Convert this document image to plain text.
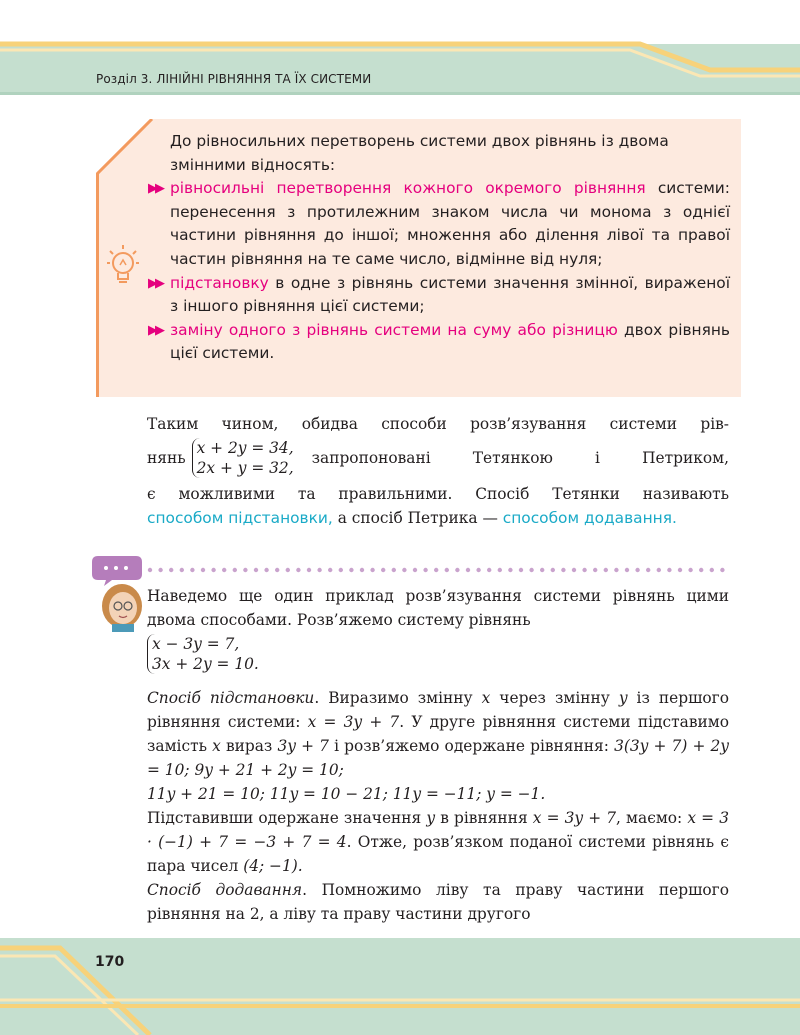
Розділ 3. ЛІНІЙНІ РІВНЯННЯ ТА ЇХ СИСТЕМИ

До рівносильних перетворень системи двох рівнянь із двома
змінними відносять:

▶▶ рівносильні перетворення кожного окремого рівняння системи: перенесення з протилежним знаком числа чи монома з однієї частини рівняння до іншої; множення або ділення лівої та правої частин рівняння на те саме число, відмінне від нуля;

▶▶ підстановку в одне з рівнянь системи значення змінної, вираженої з іншого рівняння цієї системи;

▶▶ заміну одного з рівнянь системи на суму або різницю двох рівнянь цієї системи.

Таким чином, обидва способи розв’язування системи рів-

нянь
x + 2y = 34,
2x + y = 32,
запропоновані Тетянкою і Петриком,

є можливими та правильними. Спосіб Тетянки називають

способом підстановки, а спосіб Петрика — способом додавання.

Наведемо ще один приклад розв’язування системи рівнянь цими двома способами. Розв’яжемо систему рівнянь

x − 3y = 7,
3x + 2y = 10.

Спосіб підстановки. Виразимо змінну x через змінну y із першого рівняння системи: x = 3y + 7. У друге рівняння системи підставимо замість x вираз 3y + 7 і розв’яжемо одержане рівняння: 3(3y + 7) + 2y = 10; 9y + 21 + 2y = 10;

11y + 21 = 10; 11y = 10 − 21; 11y = −11; y = −1.

Підставивши одержане значення y в рівняння x = 3y + 7, маємо: x = 3 · (−1) + 7 = −3 + 7 = 4. Отже, розв’язком поданої системи рівнянь є пара чисел (4; −1).

Спосіб додавання. Помножимо ліву та праву частини першого рівняння на 2, а ліву та праву частини другого

170
